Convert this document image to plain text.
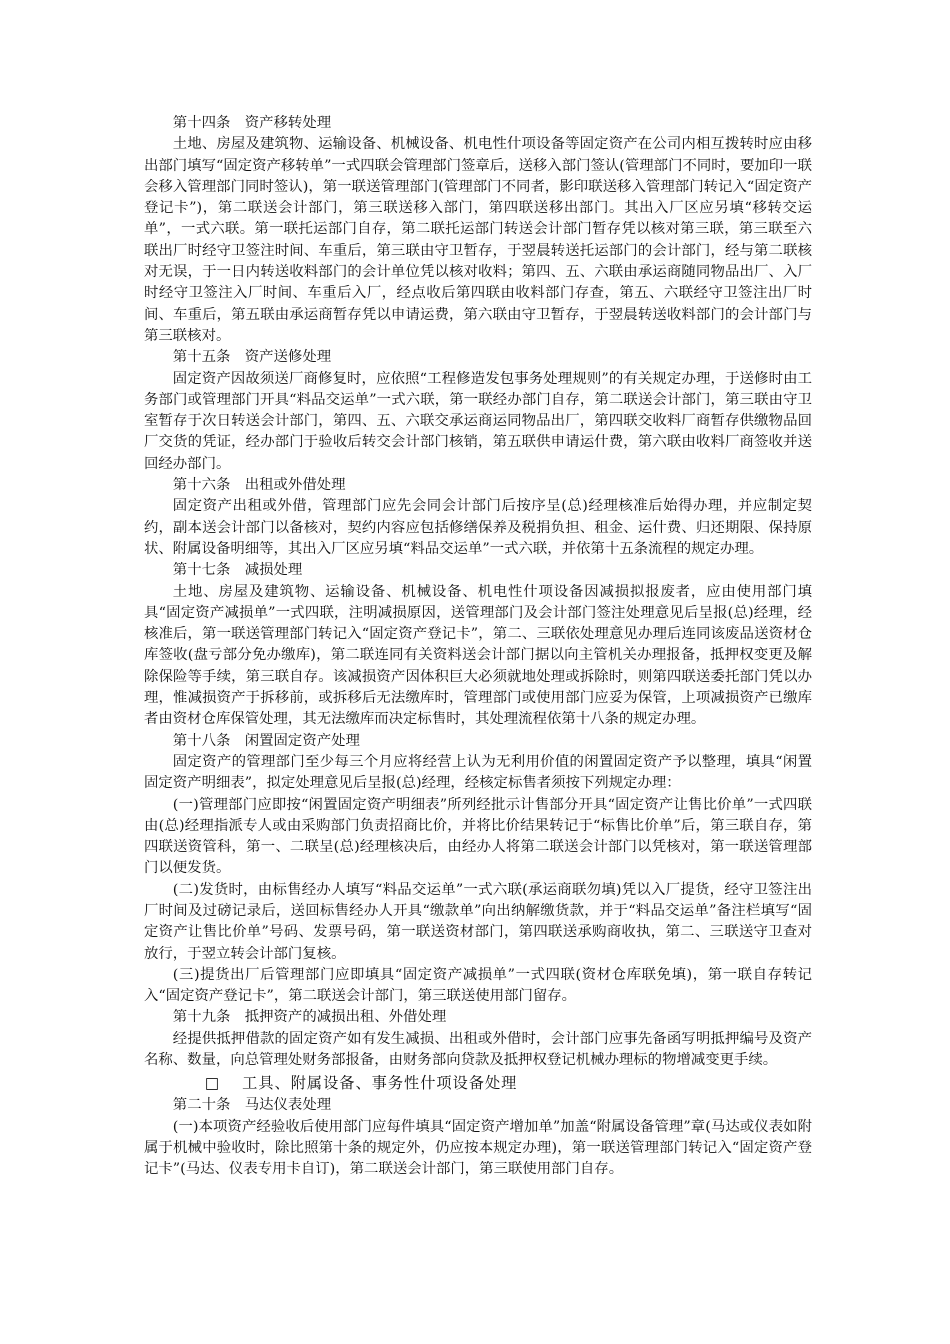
第十四条　资产移转处理

土地、房屋及建筑物、运输设备、机械设备、机电性什项设备等固定资产在公司内相互拨转时应由移出部门填写“固定资产移转单”一式四联会管理部门签章后，送移入部门签认(管理部门不同时，要加印一联会移入管理部门同时签认)，第一联送管理部门(管理部门不同者，影印联送移入管理部门转记入“固定资产登记卡”)，第二联送会计部门，第三联送移入部门，第四联送移出部门。其出入厂区应另填“移转交运单”，一式六联。第一联托运部门自存，第二联托运部门转送会计部门暂存凭以核对第三联，第三联至六联出厂时经守卫签注时间、车重后，第三联由守卫暂存，于翌晨转送托运部门的会计部门，经与第二联核对无误，于一日内转送收料部门的会计单位凭以核对收料；第四、五、六联由承运商随同物品出厂、入厂时经守卫签注入厂时间、车重后入厂，经点收后第四联由收料部门存查，第五、六联经守卫签注出厂时间、车重后，第五联由承运商暂存凭以申请运费，第六联由守卫暂存，于翌晨转送收料部门的会计部门与第三联核对。

第十五条　资产送修处理

固定资产因故须送厂商修复时，应依照“工程修造发包事务处理规则”的有关规定办理，于送修时由工务部门或管理部门开具“料品交运单”一式六联，第一联经办部门自存，第二联送会计部门，第三联由守卫室暂存于次日转送会计部门，第四、五、六联交承运商运同物品出厂，第四联交收料厂商暂存供缴物品回厂交货的凭证，经办部门于验收后转交会计部门核销，第五联供申请运什费，第六联由收料厂商签收并送回经办部门。

第十六条　出租或外借处理

固定资产出租或外借，管理部门应先会同会计部门后按序呈(总)经理核准后始得办理，并应制定契约，副本送会计部门以备核对，契约内容应包括修缮保养及税捐负担、租金、运什费、归还期限、保持原状、附属设备明细等，其出入厂区应另填“料品交运单”一式六联，并依第十五条流程的规定办理。

第十七条　减损处理

土地、房屋及建筑物、运输设备、机械设备、机电性什项设备因减损拟报废者，应由使用部门填具“固定资产减损单”一式四联，注明减损原因，送管理部门及会计部门签注处理意见后呈报(总)经理，经核准后，第一联送管理部门转记入“固定资产登记卡”，第二、三联依处理意见办理后连同该废品送资材仓库签收(盘亏部分免办缴库)，第二联连同有关资料送会计部门据以向主管机关办理报备，抵押权变更及解除保险等手续，第三联自存。该减损资产因体积巨大必须就地处理或拆除时，则第四联送委托部门凭以办理，惟减损资产于拆移前，或拆移后无法缴库时，管理部门或使用部门应妥为保管，上项减损资产已缴库者由资材仓库保管处理，其无法缴库而决定标售时，其处理流程依第十八条的规定办理。

第十八条　闲置固定资产处理

固定资产的管理部门至少每三个月应将经营上认为无利用价值的闲置固定资产予以整理，填具“闲置固定资产明细表”，拟定处理意见后呈报(总)经理，经核定标售者须按下列规定办理：

(一)管理部门应即按“闲置固定资产明细表”所列经批示计售部分开具“固定资产让售比价单”一式四联由(总)经理指派专人或由采购部门负责招商比价，并将比价结果转记于“标售比价单”后，第三联自存，第四联送资管科，第一、二联呈(总)经理核决后，由经办人将第二联送会计部门以凭核对，第一联送管理部门以便发货。

(二)发货时，由标售经办人填写“料品交运单”一式六联(承运商联勿填)凭以入厂提货，经守卫签注出厂时间及过磅记录后，送回标售经办人开具“缴款单”向出纳解缴货款，并于“料品交运单”备注栏填写“固定资产让售比价单”号码、发票号码，第一联送资材部门，第四联送承购商收执，第二、三联送守卫查对放行，于翌立转会计部门复核。

(三)提货出厂后管理部门应即填具“固定资产减损单”一式四联(资材仓库联免填)，第一联自存转记入“固定资产登记卡”，第二联送会计部门，第三联送使用部门留存。

第十九条　抵押资产的减损出租、外借处理

经提供抵押借款的固定资产如有发生减损、出租或外借时，会计部门应事先备函写明抵押编号及资产名称、数量，向总管理处财务部报备，由财务部向贷款及抵押权登记机械办理标的物增减变更手续。

□ 工具、附属设备、事务性什项设备处理

第二十条　马达仪表处理

(一)本项资产经验收后使用部门应每件填具“固定资产增加单”加盖“附属设备管理”章(马达或仪表如附属于机械中验收时，除比照第十条的规定外，仍应按本规定办理)，第一联送管理部门转记入“固定资产登记卡”(马达、仪表专用卡自订)，第二联送会计部门，第三联使用部门自存。
